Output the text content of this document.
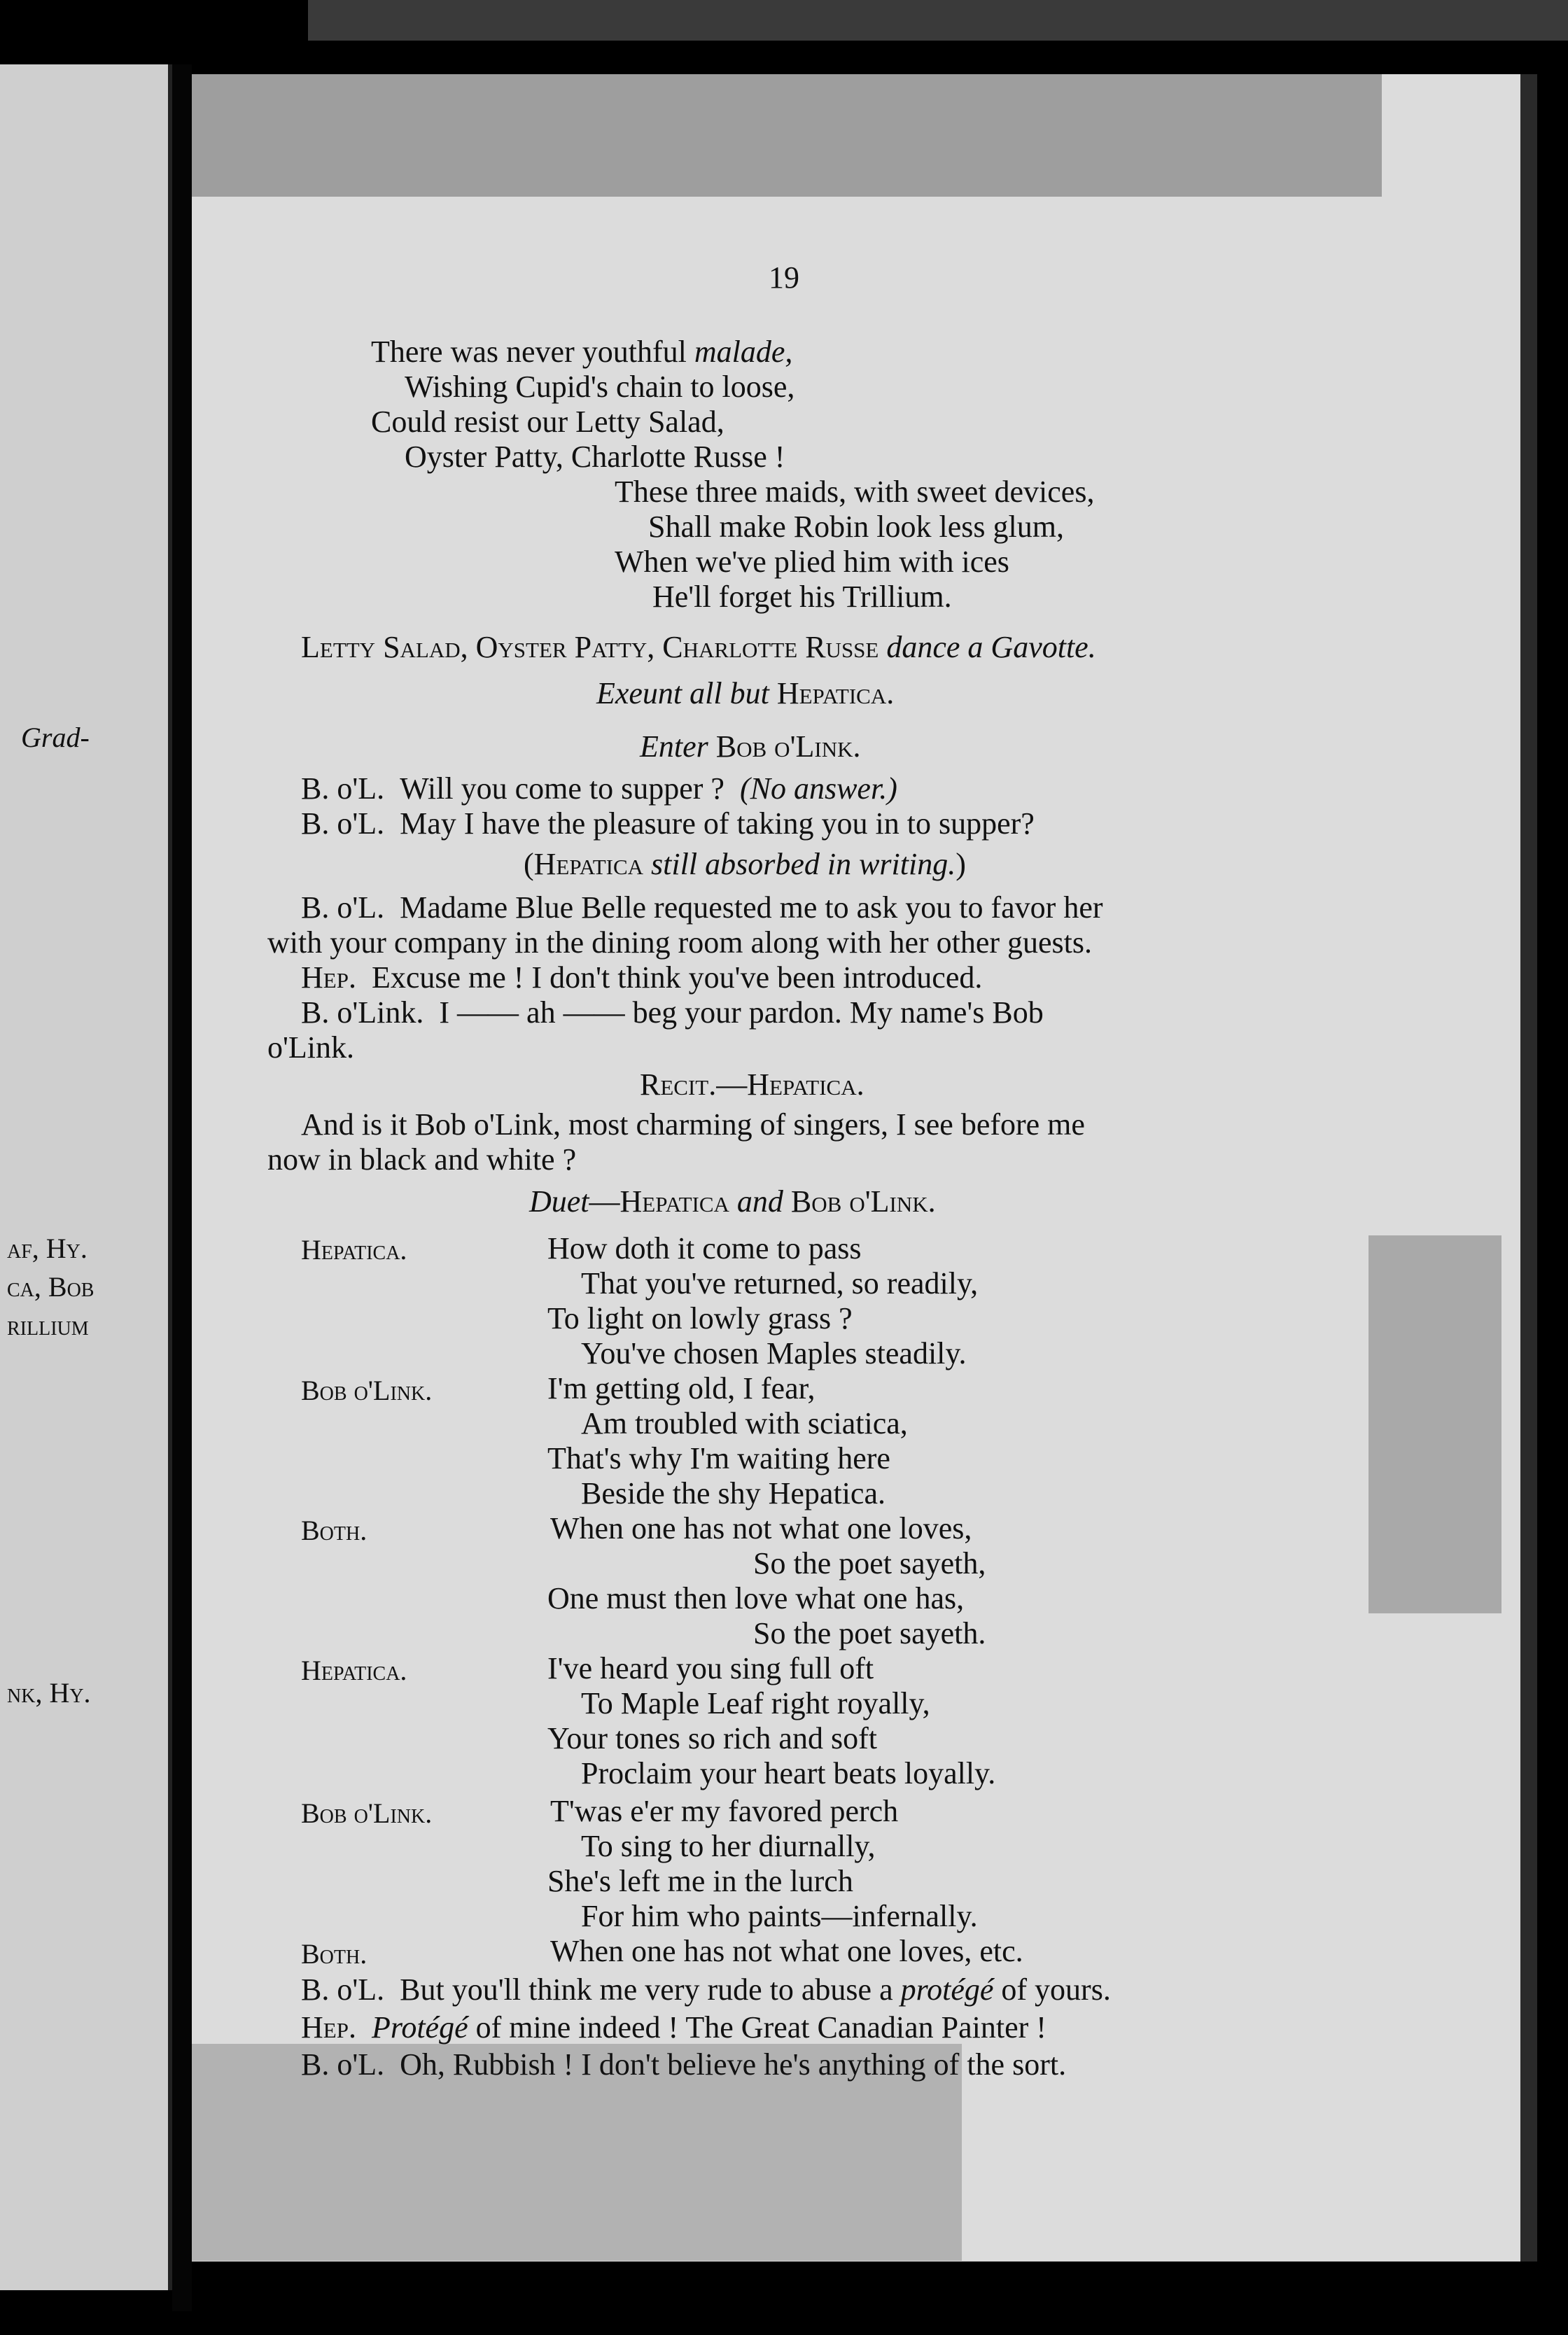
Grad-
af, Hy.
ca, Bob
rillium
nk, Hy.
19
There was never youthful malade,
Wishing Cupid's chain to loose,
Could resist our Letty Salad,
Oyster Patty, Charlotte Russe !
These three maids, with sweet devices,
Shall make Robin look less glum,
When we've plied him with ices
He'll forget his Trillium.
Letty Salad, Oyster Patty, Charlotte Russe dance a Gavotte.
Exeunt all but Hepatica.
Enter Bob o'Link.
B. o'L. Will you come to supper ? (No answer.)
B. o'L. May I have the pleasure of taking you in to supper?
(Hepatica still absorbed in writing.)
B. o'L. Madame Blue Belle requested me to ask you to favor her
with your company in the dining room along with her other guests.
Hep. Excuse me ! I don't think you've been introduced.
B. o'Link. I —— ah —— beg your pardon. My name's Bob
o'Link.
Recit.—Hepatica.
And is it Bob o'Link, most charming of singers, I see before me
now in black and white ?
Duet—Hepatica and Bob o'Link.
Hepatica.	How doth it come to pass
That you've returned, so readily,
To light on lowly grass ?
You've chosen Maples steadily.
Bob o'Link.	I'm getting old, I fear,
Am troubled with sciatica,
That's why I'm waiting here
Beside the shy Hepatica.
Both.	When one has not what one loves,
So the poet sayeth,
One must then love what one has,
So the poet sayeth.
Hepatica.	I've heard you sing full oft
To Maple Leaf right royally,
Your tones so rich and soft
Proclaim your heart beats loyally.
Bob o'Link.	T'was e'er my favored perch
To sing to her diurnally,
She's left me in the lurch
For him who paints—infernally.
Both.	When one has not what one loves, etc.
B. o'L. But you'll think me very rude to abuse a protégé of yours.
Hep. Protégé of mine indeed ! The Great Canadian Painter !
B. o'L. Oh, Rubbish ! I don't believe he's anything of the sort.
